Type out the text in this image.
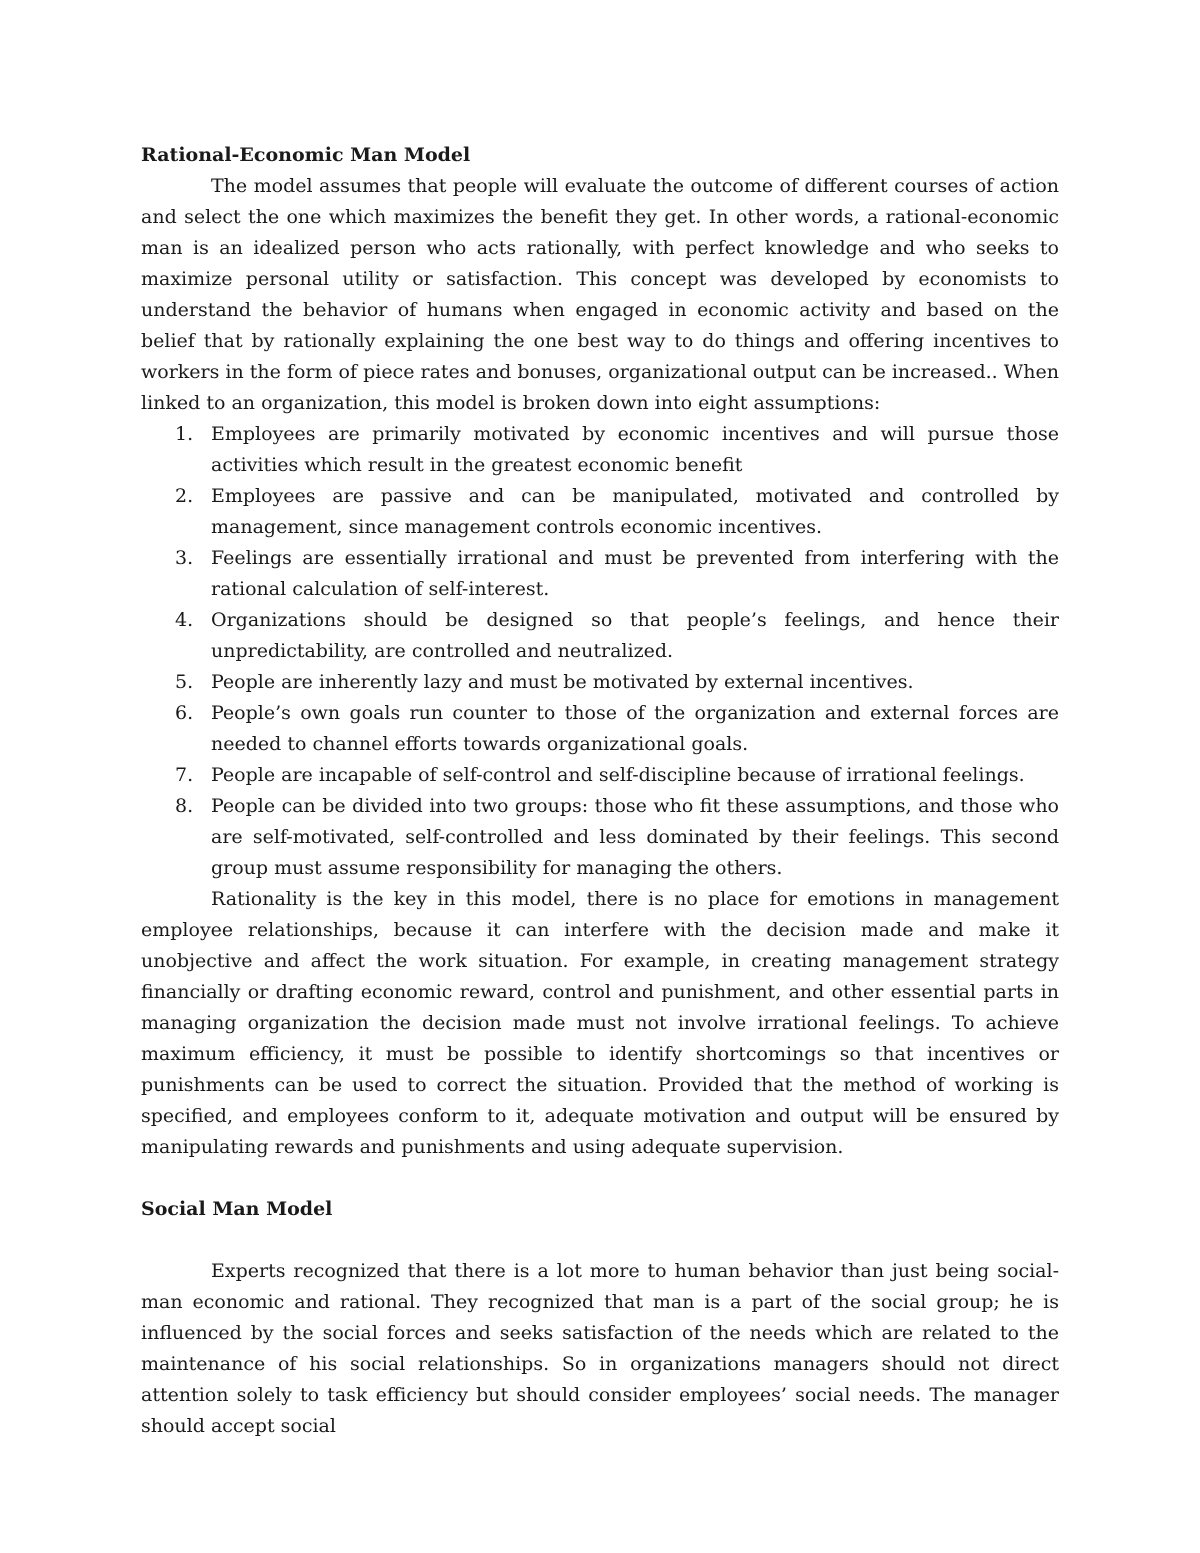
Rational-Economic Man Model

The model assumes that people will evaluate the outcome of different courses of action and select the one which maximizes the benefit they get. In other words, a rational-economic man is an idealized person who acts rationally, with perfect knowledge and who seeks to maximize personal utility or satisfaction. This concept was developed by economists to understand the behavior of humans when engaged in economic activity and based on the belief that by rationally explaining the one best way to do things and offering incentives to workers in the form of piece rates and bonuses, organizational output can be increased.. When linked to an organization, this model is broken down into eight assumptions:

1. Employees are primarily motivated by economic incentives and will pursue those activities which result in the greatest economic benefit
2. Employees are passive and can be manipulated, motivated and controlled by management, since management controls economic incentives.
3. Feelings are essentially irrational and must be prevented from interfering with the rational calculation of self-interest.
4. Organizations should be designed so that people’s feelings, and hence their unpredictability, are controlled and neutralized.
5. People are inherently lazy and must be motivated by external incentives.
6. People’s own goals run counter to those of the organization and external forces are needed to channel efforts towards organizational goals.
7. People are incapable of self-control and self-discipline because of irrational feelings.
8. People can be divided into two groups: those who fit these assumptions, and those who are self-motivated, self-controlled and less dominated by their feelings. This second group must assume responsibility for managing the others.

Rationality is the key in this model, there is no place for emotions in management employee relationships, because it can interfere with the decision made and make it unobjective and affect the work situation. For example, in creating management strategy financially or drafting economic reward, control and punishment, and other essential parts in managing organization the decision made must not involve irrational feelings. To achieve maximum efficiency, it must be possible to identify shortcomings so that incentives or punishments can be used to correct the situation. Provided that the method of working is specified, and employees conform to it, adequate motivation and output will be ensured by manipulating rewards and punishments and using adequate supervision.

Social Man Model

Experts recognized that there is a lot more to human behavior than just being social-man economic and rational. They recognized that man is a part of the social group; he is influenced by the social forces and seeks satisfaction of the needs which are related to the maintenance of his social relationships. So in organizations managers should not direct attention solely to task efficiency but should consider employees’ social needs. The manager should accept social
